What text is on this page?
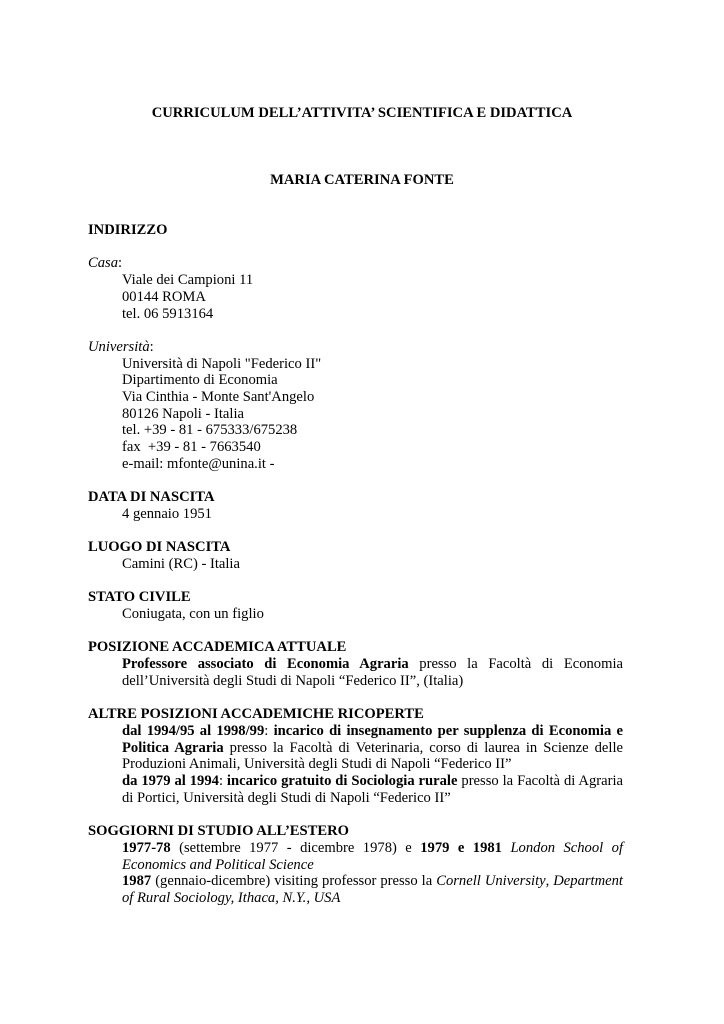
CURRICULUM DELL’ATTIVITA’ SCIENTIFICA E DIDATTICA
MARIA CATERINA FONTE
INDIRIZZO
Casa:
Viale dei Campioni 11
00144 ROMA
tel. 06 5913164
Università:
Università di Napoli "Federico II"
Dipartimento di Economia
Via Cinthia - Monte Sant'Angelo
80126 Napoli - Italia
tel. +39 - 81 - 675333/675238
fax  +39 - 81 - 7663540
e-mail: mfonte@unina.it -
DATA DI NASCITA
4 gennaio 1951
LUOGO DI NASCITA
Camini (RC) - Italia
STATO CIVILE
Coniugata, con un figlio
POSIZIONE ACCADEMICA ATTUALE
Professore associato di Economia Agraria presso la Facoltà di Economia dell’Università degli Studi di Napoli “Federico II”, (Italia)
ALTRE POSIZIONI ACCADEMICHE RICOPERTE
dal 1994/95 al 1998/99: incarico di insegnamento per supplenza di Economia e Politica Agraria presso la Facoltà di Veterinaria, corso di laurea in Scienze delle Produzioni Animali, Università degli Studi di Napoli “Federico II”
da 1979 al 1994: incarico gratuito di Sociologia rurale presso la Facoltà di Agraria di Portici, Università degli Studi di Napoli “Federico II”
SOGGIORNI DI STUDIO ALL’ESTERO
1977-78 (settembre 1977 - dicembre 1978) e 1979 e 1981 London School of Economics and Political Science
1987 (gennaio-dicembre) visiting professor presso la Cornell University, Department of Rural Sociology, Ithaca, N.Y., USA
